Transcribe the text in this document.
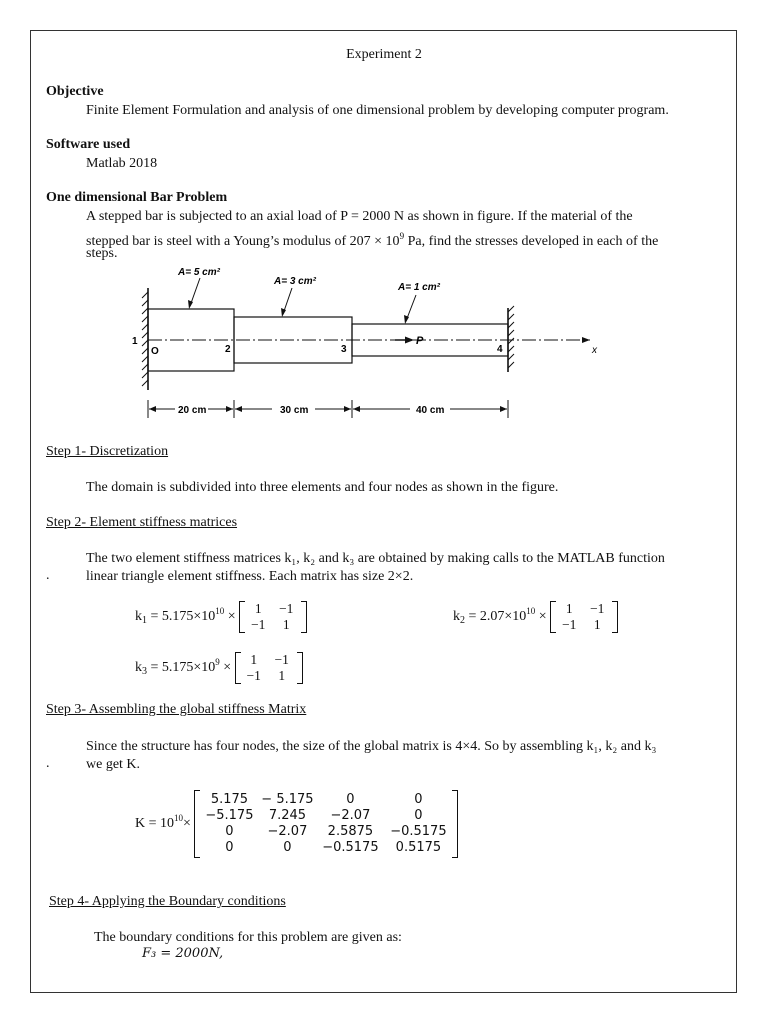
Experiment 2
Objective
Finite Element Formulation and analysis of one dimensional problem by developing computer program.
Software used
Matlab 2018
One dimensional Bar Problem
A stepped bar is subjected to an axial load of P = 2000 N as shown in figure. If the material of the
stepped bar is steel with a Young’s modulus of $207 \times 10^9$ Pa, find the stresses developed in each of the
steps.
P
x
1
O	2	3	4
A= 5 cm²
A= 3 cm²
A= 1 cm²
20 cm	30 cm	40 cm
Step 1- Discretization
The domain is subdivided into three elements and four nodes as shown in the figure.
Step 2- Element stiffness matrices
The two element stiffness matrices k₁, k₂ and k₃ are obtained by making calls to the MATLAB function
.	linear triangle element stiffness. Each matrix has size 2×2.
$k_1 = 5.175\times 10^{10}$ ×
1	−1
−1	1
$k_2 = 2.07\times 10^{10}$ ×
1	−1
−1	1
$k_3 = 5.175\times 10^9$ ×
1	−1
−1	1
Step 3- Assembling the global stiffness Matrix
Since the structure has four nodes, the size of the global matrix is 4×4. So by assembling k₁, k₂ and k₃
.	we get K.
$K = 10^{10}\times$
5.175	− 5.175	0	0
−5.175	7.245	−2.07	0
0	−2.07	2.5875	−0.5175
0	0	−0.5175	0.5175
Step 4- Applying the Boundary conditions
The boundary conditions for this problem are given as:
F₃ = 2000N,
